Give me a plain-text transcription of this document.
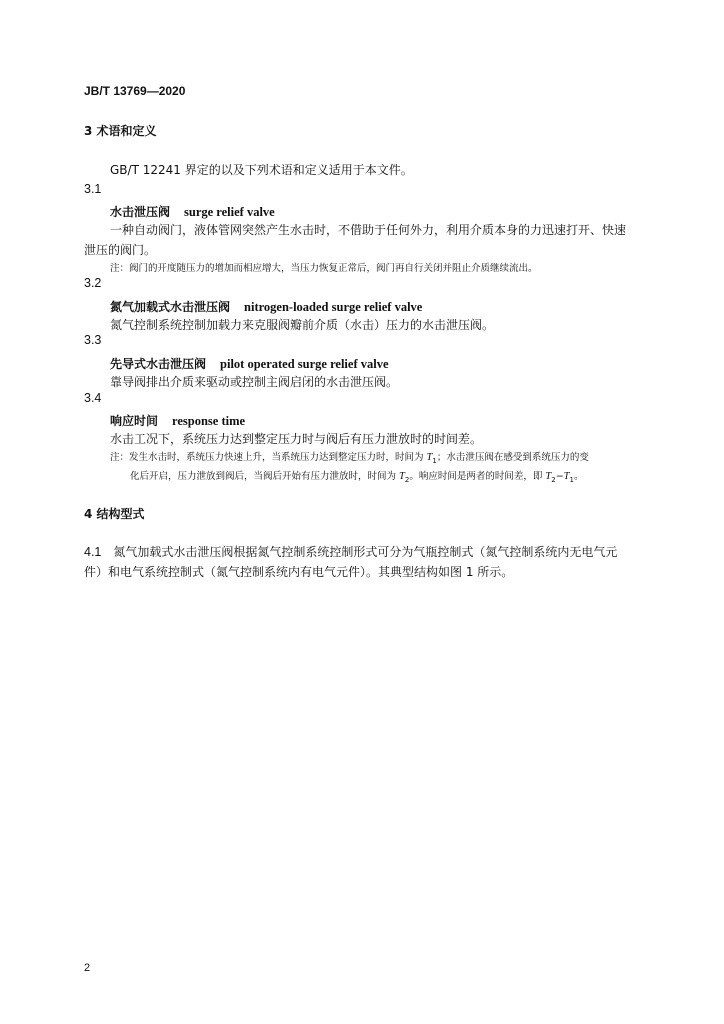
JB/T 13769—2020
3 术语和定义
GB/T 12241 界定的以及下列术语和定义适用于本文件。
3.1
水击泄压阀 surge relief valve
一种自动阀门，液体管网突然产生水击时，不借助于任何外力，利用介质本身的力迅速打开、快速
泄压的阀门。
注：阀门的开度随压力的增加而相应增大，当压力恢复正常后，阀门再自行关闭并阻止介质继续流出。
3.2
氮气加载式水击泄压阀 nitrogen-loaded surge relief valve
氮气控制系统控制加载力来克服阀瓣前介质（水击）压力的水击泄压阀。
3.3
先导式水击泄压阀 pilot operated surge relief valve
靠导阀排出介质来驱动或控制主阀启闭的水击泄压阀。
3.4
响应时间 response time
水击工况下，系统压力达到整定压力时与阀后有压力泄放时的时间差。
注：发生水击时，系统压力快速上升，当系统压力达到整定压力时，时间为 $T_1$；水击泄压阀在感受到系统压力的变
化后开启，压力泄放到阀后，当阀后开始有压力泄放时，时间为 $T_2$。响应时间是两者的时间差，即 $T_2-T_1$。
4 结构型式
4.1 氮气加载式水击泄压阀根据氮气控制系统控制形式可分为气瓶控制式（氮气控制系统内无电气元
件）和电气系统控制式（氮气控制系统内有电气元件）。其典型结构如图 1 所示。
2
